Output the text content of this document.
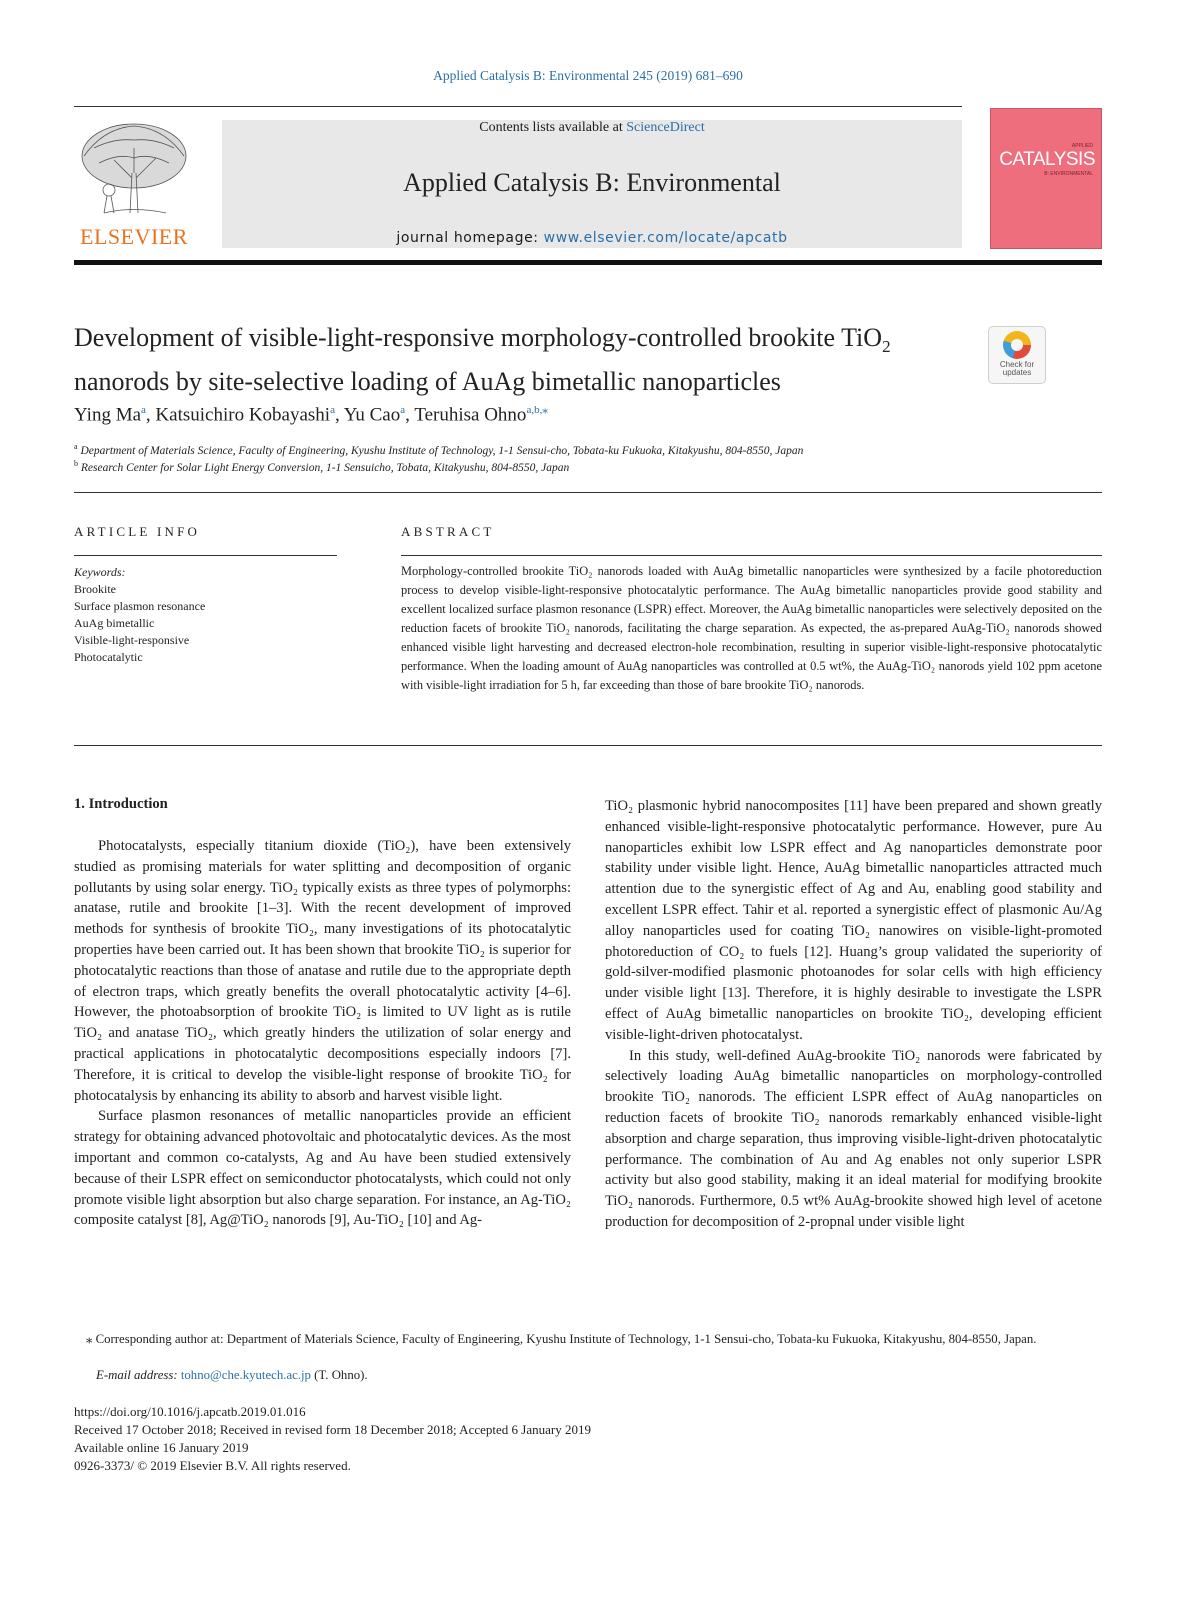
Applied Catalysis B: Environmental 245 (2019) 681–690
ELSEVIER
Contents lists available at ScienceDirect
Applied Catalysis B: Environmental
journal homepage: www.elsevier.com/locate/apcatb
APPLIED
CATALYSIS
B: ENVIRONMENTAL
Development of visible-light-responsive morphology-controlled brookite TiO$_2$ nanorods by site-selective loading of AuAg bimetallic nanoparticles
Check for
updates
Ying Ma$^a$, Katsuichiro Kobayashi$^a$, Yu Cao$^a$, Teruhisa Ohno$^{a,b,⁎}$
$^a$ Department of Materials Science, Faculty of Engineering, Kyushu Institute of Technology, 1-1 Sensui-cho, Tobata-ku Fukuoka, Kitakyushu, 804-8550, Japan
$^b$ Research Center for Solar Light Energy Conversion, 1-1 Sensuicho, Tobata, Kitakyushu, 804-8550, Japan
ARTICLE INFO	ABSTRACT
Keywords:
Brookite
Surface plasmon resonance
AuAg bimetallic
Visible-light-responsive
Photocatalytic
Morphology-controlled brookite TiO₂ nanorods loaded with AuAg bimetallic nanoparticles were synthesized by a facile photoreduction process to develop visible-light-responsive photocatalytic performance. The AuAg bimetallic nanoparticles provide good stability and excellent localized surface plasmon resonance (LSPR) effect. Moreover, the AuAg bimetallic nanoparticles were selectively deposited on the reduction facets of brookite TiO₂ nanorods, facilitating the charge separation. As expected, the as-prepared AuAg-TiO₂ nanorods showed enhanced visible light harvesting and decreased electron-hole recombination, resulting in superior visible-light-responsive photocatalytic performance. When the loading amount of AuAg nanoparticles was controlled at 0.5 wt%, the AuAg-TiO₂ nanorods yield 102 ppm acetone with visible-light irradiation for 5 h, far exceeding than those of bare brookite TiO₂ nanorods.
1. Introduction

Photocatalysts, especially titanium dioxide (TiO₂), have been extensively studied as promising materials for water splitting and decomposition of organic pollutants by using solar energy. TiO₂ typically exists as three types of polymorphs: anatase, rutile and brookite [1–3]. With the recent development of improved methods for synthesis of brookite TiO₂, many investigations of its photocatalytic properties have been carried out. It has been shown that brookite TiO₂ is superior for photocatalytic reactions than those of anatase and rutile due to the appropriate depth of electron traps, which greatly benefits the overall photocatalytic activity [4–6]. However, the photoabsorption of brookite TiO₂ is limited to UV light as is rutile TiO₂ and anatase TiO₂, which greatly hinders the utilization of solar energy and practical applications in photocatalytic decompositions especially indoors [7]. Therefore, it is critical to develop the visible-light response of brookite TiO₂ for photocatalysis by enhancing its ability to absorb and harvest visible light.

Surface plasmon resonances of metallic nanoparticles provide an efficient strategy for obtaining advanced photovoltaic and photocatalytic devices. As the most important and common co-catalysts, Ag and Au have been studied extensively because of their LSPR effect on semiconductor photocatalysts, which could not only promote visible light absorption but also charge separation. For instance, an Ag-TiO₂ composite catalyst [8], Ag@TiO₂ nanorods [9], Au-TiO₂ [10] and Ag-

TiO₂ plasmonic hybrid nanocomposites [11] have been prepared and shown greatly enhanced visible-light-responsive photocatalytic performance. However, pure Au nanoparticles exhibit low LSPR effect and Ag nanoparticles demonstrate poor stability under visible light. Hence, AuAg bimetallic nanoparticles attracted much attention due to the synergistic effect of Ag and Au, enabling good stability and excellent LSPR effect. Tahir et al. reported a synergistic effect of plasmonic Au/Ag alloy nanoparticles used for coating TiO₂ nanowires on visible-light-promoted photoreduction of CO₂ to fuels [12]. Huang’s group validated the superiority of gold-silver-modified plasmonic photoanodes for solar cells with high efficiency under visible light [13]. Therefore, it is highly desirable to investigate the LSPR effect of AuAg bimetallic nanoparticles on brookite TiO₂, developing efficient visible-light-driven photocatalyst.

In this study, well-defined AuAg-brookite TiO₂ nanorods were fabricated by selectively loading AuAg bimetallic nanoparticles on morphology-controlled brookite TiO₂ nanorods. The efficient LSPR effect of AuAg nanoparticles on reduction facets of brookite TiO₂ nanorods remarkably enhanced visible-light absorption and charge separation, thus improving visible-light-driven photocatalytic performance. The combination of Au and Ag enables not only superior LSPR activity but also good stability, making it an ideal material for modifying brookite TiO₂ nanorods. Furthermore, 0.5 wt% AuAg-brookite showed high level of acetone production for decomposition of 2-propnal under visible light

⁎ Corresponding author at: Department of Materials Science, Faculty of Engineering, Kyushu Institute of Technology, 1-1 Sensui-cho, Tobata-ku Fukuoka, Kitakyushu, 804-8550, Japan.
E-mail address: tohno@che.kyutech.ac.jp (T. Ohno).
https://doi.org/10.1016/j.apcatb.2019.01.016
Received 17 October 2018; Received in revised form 18 December 2018; Accepted 6 January 2019
Available online 16 January 2019
0926-3373/ © 2019 Elsevier B.V. All rights reserved.
